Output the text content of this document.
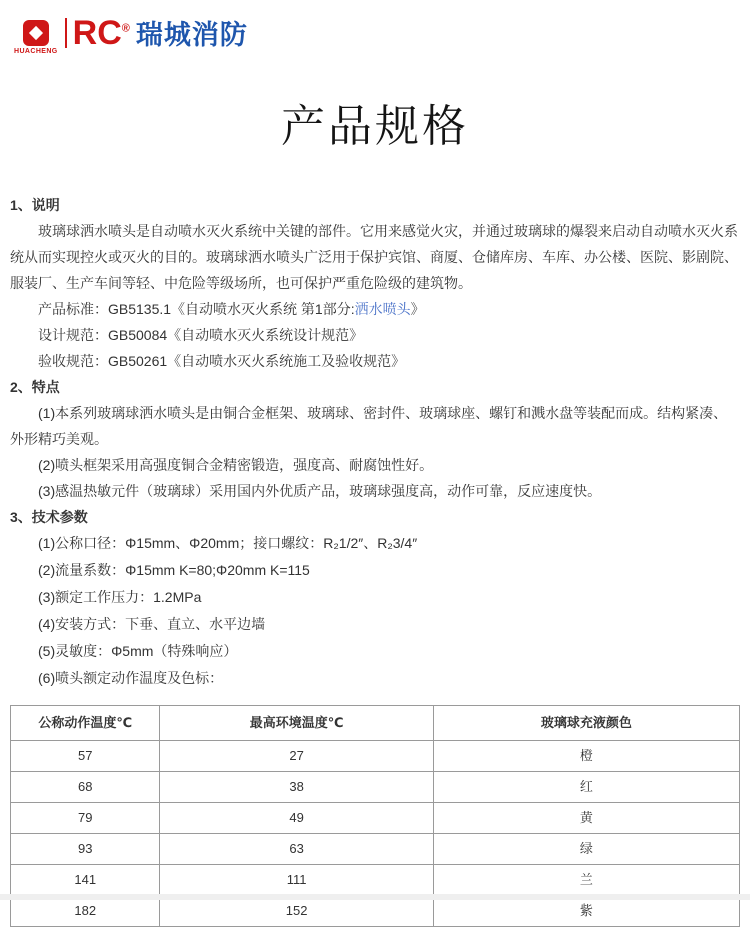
HUACHENG RC® 瑞城消防
产品规格
1、说明

玻璃球洒水喷头是自动喷水灭火系统中关键的部件。它用来感觉火灾，并通过玻璃球的爆裂来启动自动喷水灭火系统从而实现控火或灭火的目的。玻璃球洒水喷头广泛用于保护宾馆、商厦、仓储库房、车库、办公楼、医院、影剧院、服装厂、生产车间等轻、中危险等级场所，也可保护严重危险级的建筑物。

产品标准：GB5135.1《自动喷水灭火系统 第1部分:洒水喷头》

设计规范：GB50084《自动喷水灭火系统设计规范》

验收规范：GB50261《自动喷水灭火系统施工及验收规范》

2、特点

(1)本系列玻璃球洒水喷头是由铜合金框架、玻璃球、密封件、玻璃球座、螺钉和溅水盘等装配而成。结构紧凑、外形精巧美观。

(2)喷头框架采用高强度铜合金精密锻造，强度高、耐腐蚀性好。

(3)感温热敏元件（玻璃球）采用国内外优质产品，玻璃球强度高，动作可靠，反应速度快。

3、技术参数

(1)公称口径：Φ15mm、Φ20mm；接口螺纹：R₂1/2″、R₂3/4″

(2)流量系数：Φ15mm K=80;Φ20mm K=115

(3)额定工作压力：1.2MPa

(4)安装方式：下垂、直立、水平边墙

(5)灵敏度：Φ5mm（特殊响应）

(6)喷头额定动作温度及色标：

公称动作温度℃	最高环境温度℃	玻璃球充液颜色
57	27	橙
68	38	红
79	49	黄
93	63	绿
141	111	兰
182	152	紫
